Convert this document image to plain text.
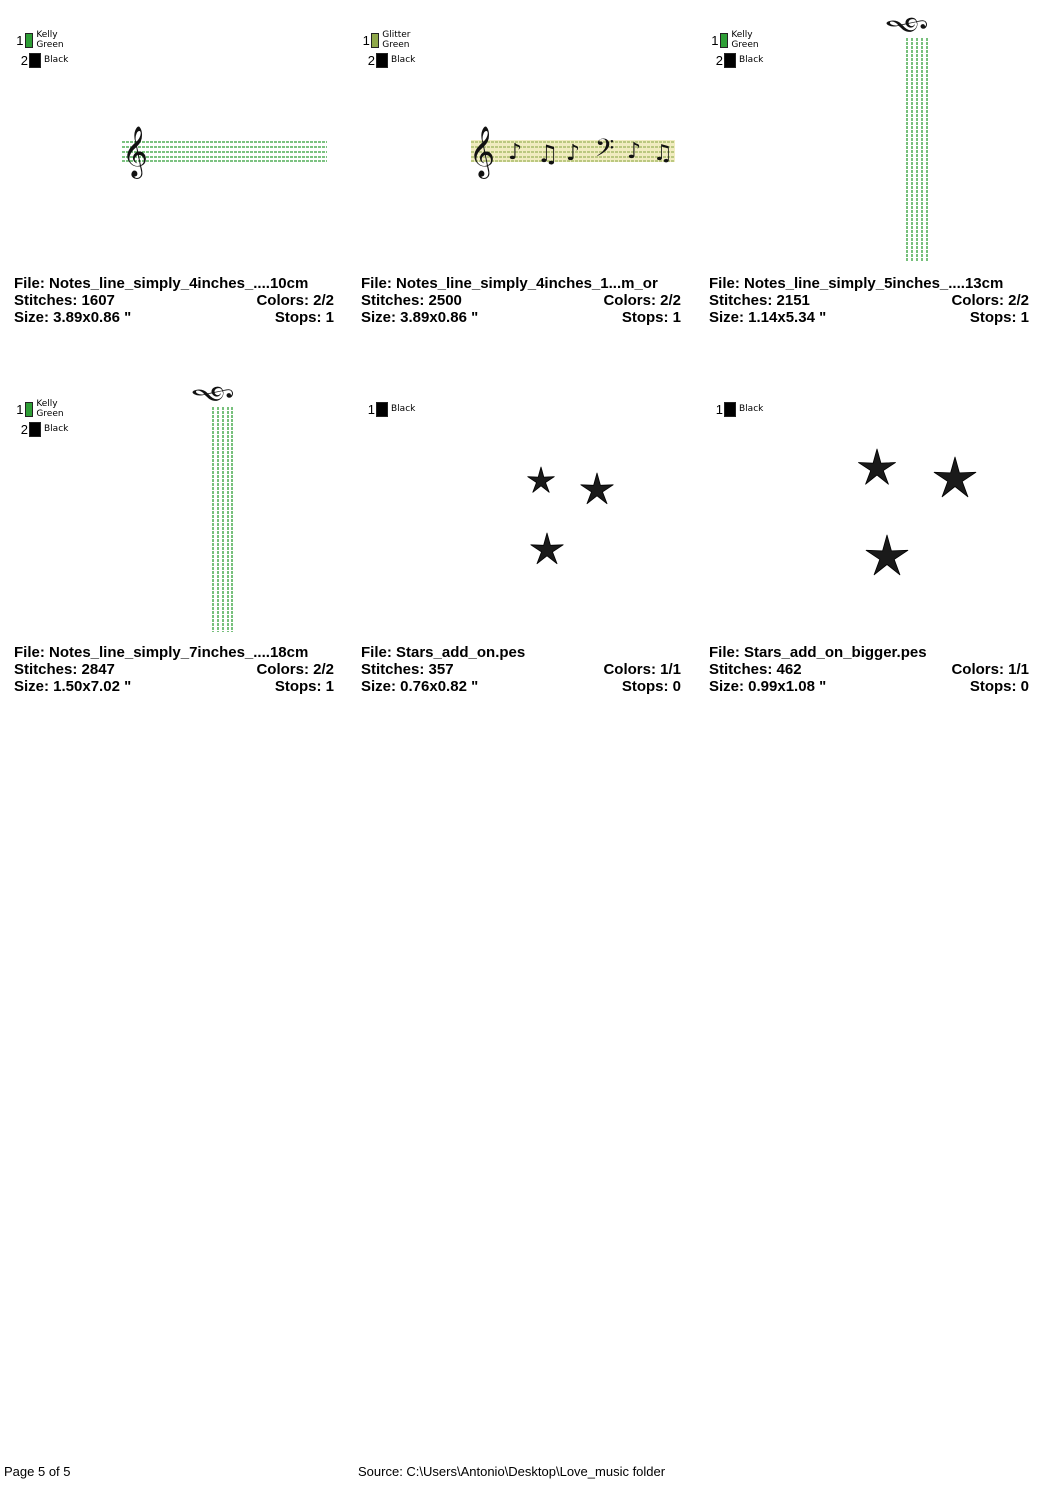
1 Kelly Green
2 Black
𝄞
File: Notes_line_simply_4inches_....10cm
Stitches: 1607	Colors: 2/2
Size: 3.89x0.86 "	Stops: 1
1 Glitter Green
2 Black
𝄞 ♪ ♫ ♪ 𝄢 ♪ ♫
File: Notes_line_simply_4inches_1...m_or
Stitches: 2500	Colors: 2/2
Size: 3.89x0.86 "	Stops: 1
1 Kelly Green
2 Black
𝄞
File: Notes_line_simply_5inches_....13cm
Stitches: 2151	Colors: 2/2
Size: 1.14x5.34 "	Stops: 1
1 Kelly Green
2 Black
𝄞
File: Notes_line_simply_7inches_....18cm
Stitches: 2847	Colors: 2/2
Size: 1.50x7.02 "	Stops: 1
1 Black
File: Stars_add_on.pes
Stitches: 357	Colors: 1/1
Size: 0.76x0.82 "	Stops: 0
1 Black
File: Stars_add_on_bigger.pes
Stitches: 462	Colors: 1/1
Size: 0.99x1.08 "	Stops: 0
Page 5 of 5	Source: C:\Users\Antonio\Desktop\Love_music folder
